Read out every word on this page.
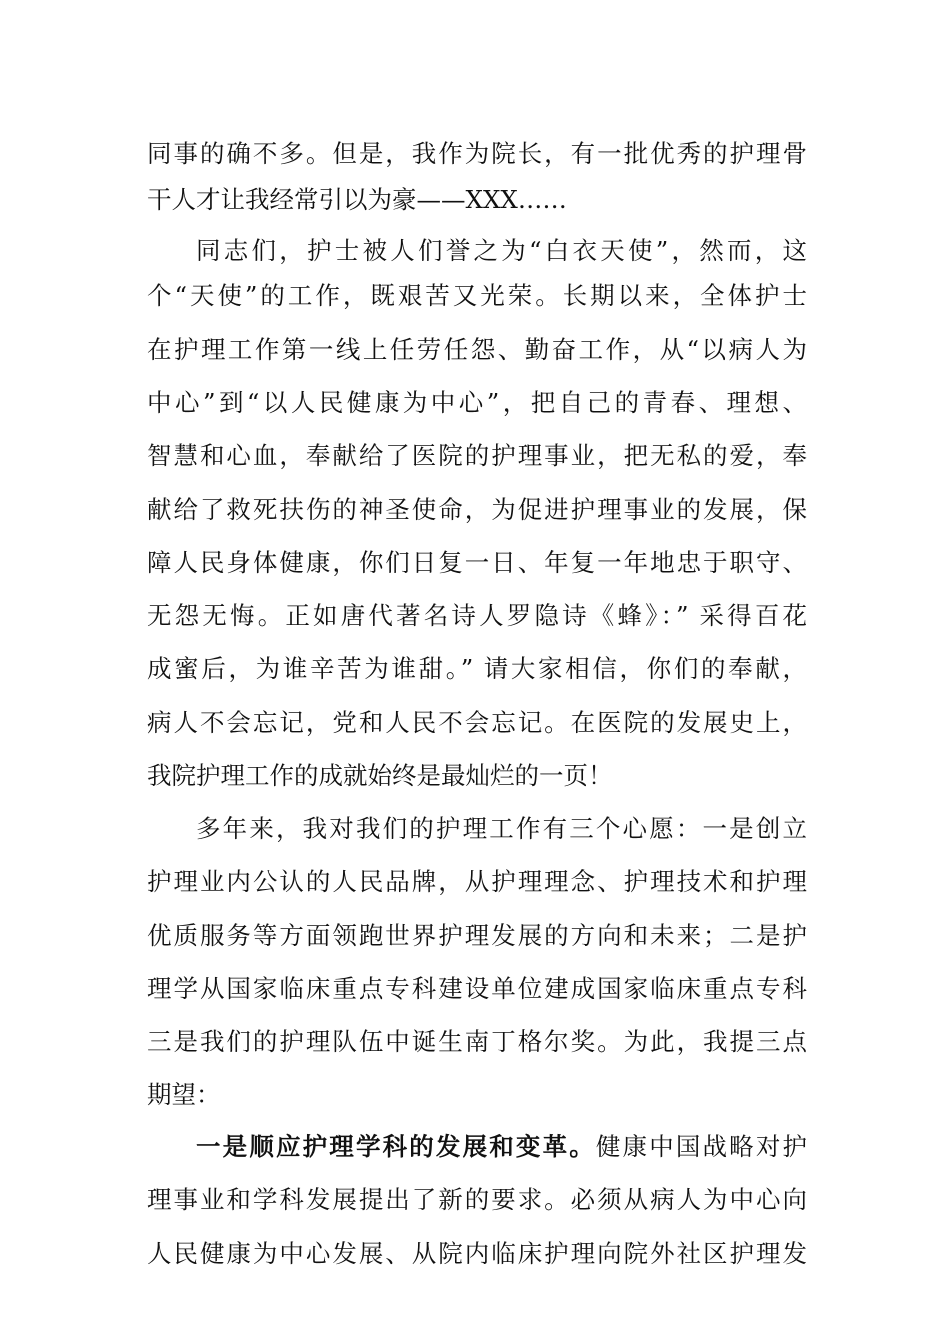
同事的确不多。但是，我作为院长，有一批优秀的护理骨
干人才让我经常引以为豪——XXX……
同志们，护士被人们誉之为“白衣天使”，然而，这
个“天使”的工作，既艰苦又光荣。长期以来，全体护士
在护理工作第一线上任劳任怨、勤奋工作，从“以病人为
中心”到“以人民健康为中心”，把自己的青春、理想、
智慧和心血，奉献给了医院的护理事业，把无私的爱，奉
献给了救死扶伤的神圣使命，为促进护理事业的发展，保
障人民身体健康，你们日复一日、年复一年地忠于职守、
无怨无悔。正如唐代著名诗人罗隐诗《蜂》：” 采得百花
成蜜后，为谁辛苦为谁甜。” 请大家相信，你们的奉献，
病人不会忘记，党和人民不会忘记。在医院的发展史上，
我院护理工作的成就始终是最灿烂的一页！
多年来，我对我们的护理工作有三个心愿：一是创立
护理业内公认的人民品牌，从护理理念、护理技术和护理
优质服务等方面领跑世界护理发展的方向和未来；二是护
理学从国家临床重点专科建设单位建成国家临床重点专科
三是我们的护理队伍中诞生南丁格尔奖。为此，我提三点
期望：
一是顺应护理学科的发展和变革。健康中国战略对护
理事业和学科发展提出了新的要求。必须从病人为中心向
人民健康为中心发展、从院内临床护理向院外社区护理发
